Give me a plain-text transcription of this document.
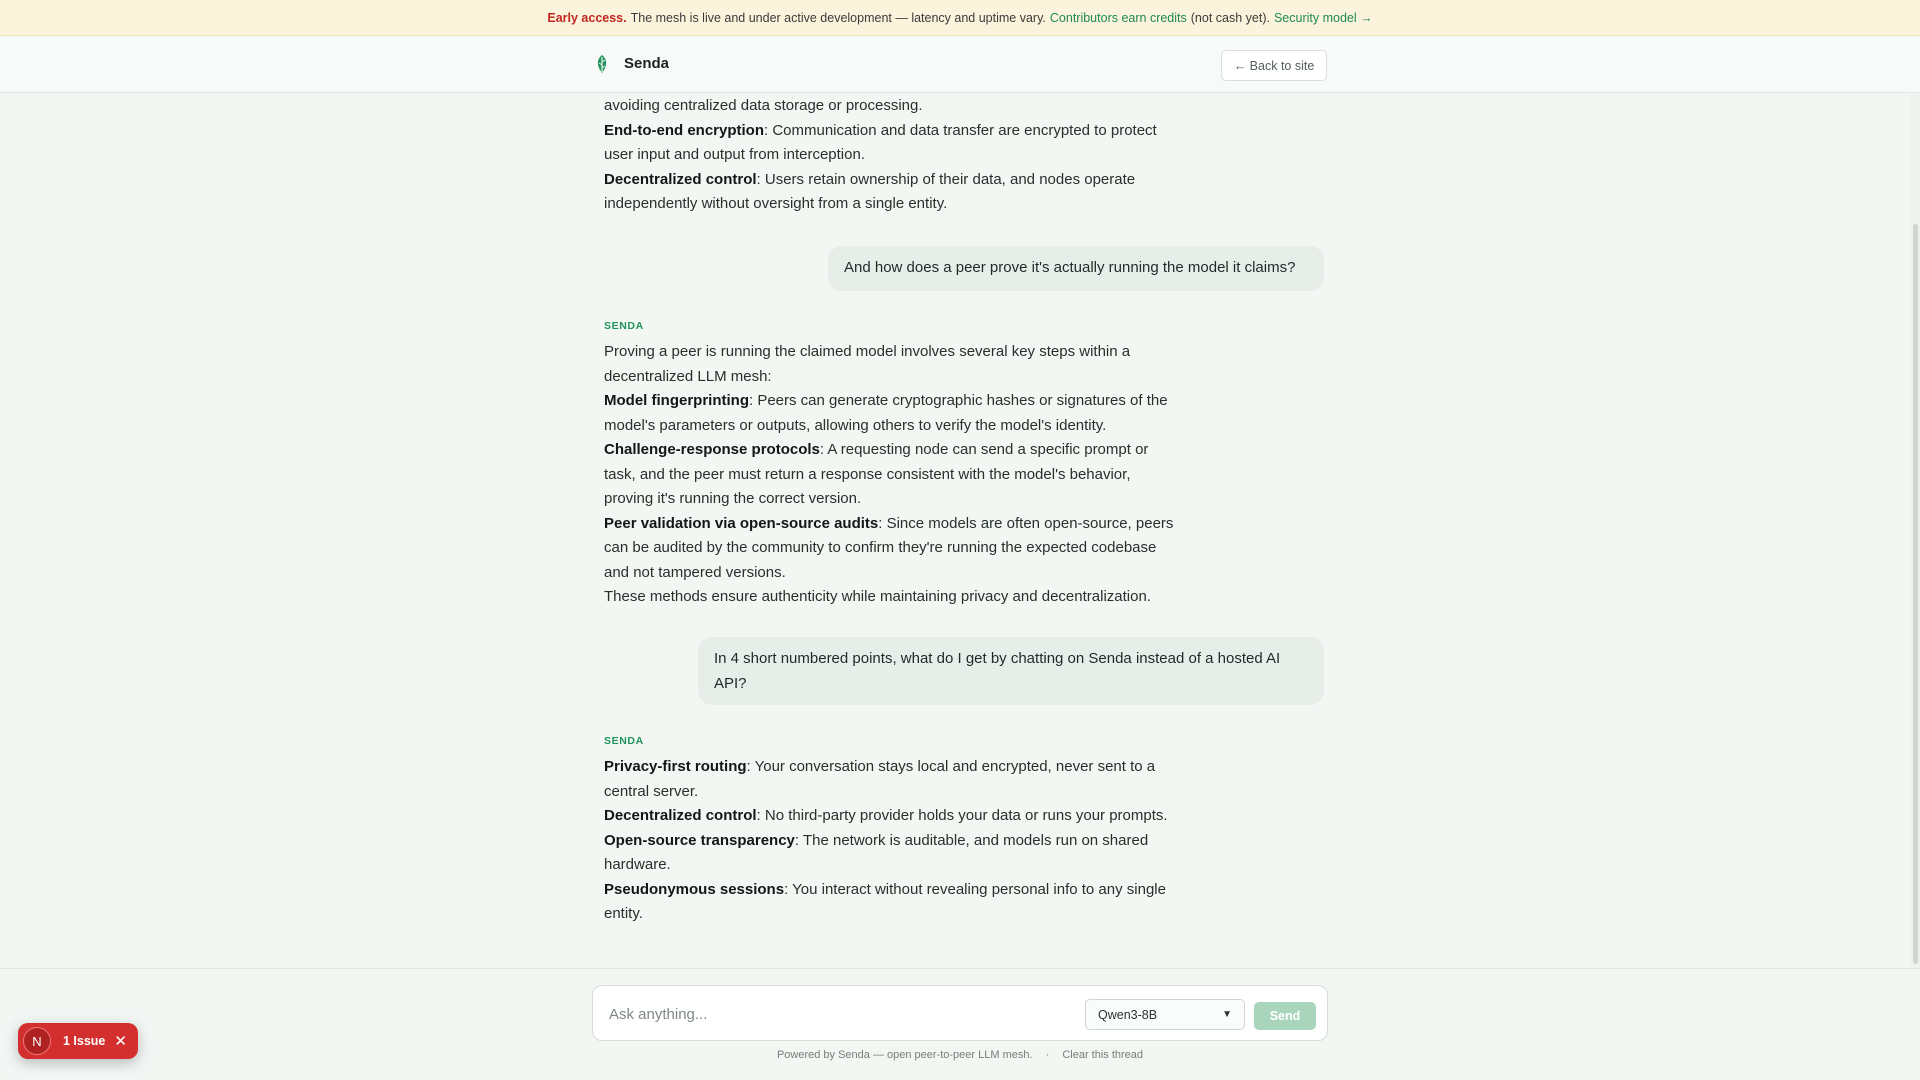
Early access. The mesh is live and under active development — latency and uptime vary. Contributors earn credits (not cash yet). Security model →
Senda	← Back to site
avoiding centralized data storage or processing.
End-to-end encryption: Communication and data transfer are encrypted to protect
user input and output from interception.
Decentralized control: Users retain ownership of their data, and nodes operate
independently without oversight from a single entity.
And how does a peer prove it's actually running the model it claims?
SENDA
Proving a peer is running the claimed model involves several key steps within a
decentralized LLM mesh:
Model fingerprinting: Peers can generate cryptographic hashes or signatures of the
model's parameters or outputs, allowing others to verify the model's identity.
Challenge-response protocols: A requesting node can send a specific prompt or
task, and the peer must return a response consistent with the model's behavior,
proving it's running the correct version.
Peer validation via open-source audits: Since models are often open-source, peers
can be audited by the community to confirm they're running the expected codebase
and not tampered versions.
These methods ensure authenticity while maintaining privacy and decentralization.
In 4 short numbered points, what do I get by chatting on Senda instead of a hosted AI
API?
SENDA
Privacy-first routing: Your conversation stays local and encrypted, never sent to a
central server.
Decentralized control: No third-party provider holds your data or runs your prompts.
Open-source transparency: The network is auditable, and models run on shared
hardware.
Pseudonymous sessions: You interact without revealing personal info to any single
entity.
Ask anything...
Qwen3-8B	▼	Send
Powered by Senda — open peer-to-peer LLM mesh. · Clear this thread
N	1 Issue ✕
